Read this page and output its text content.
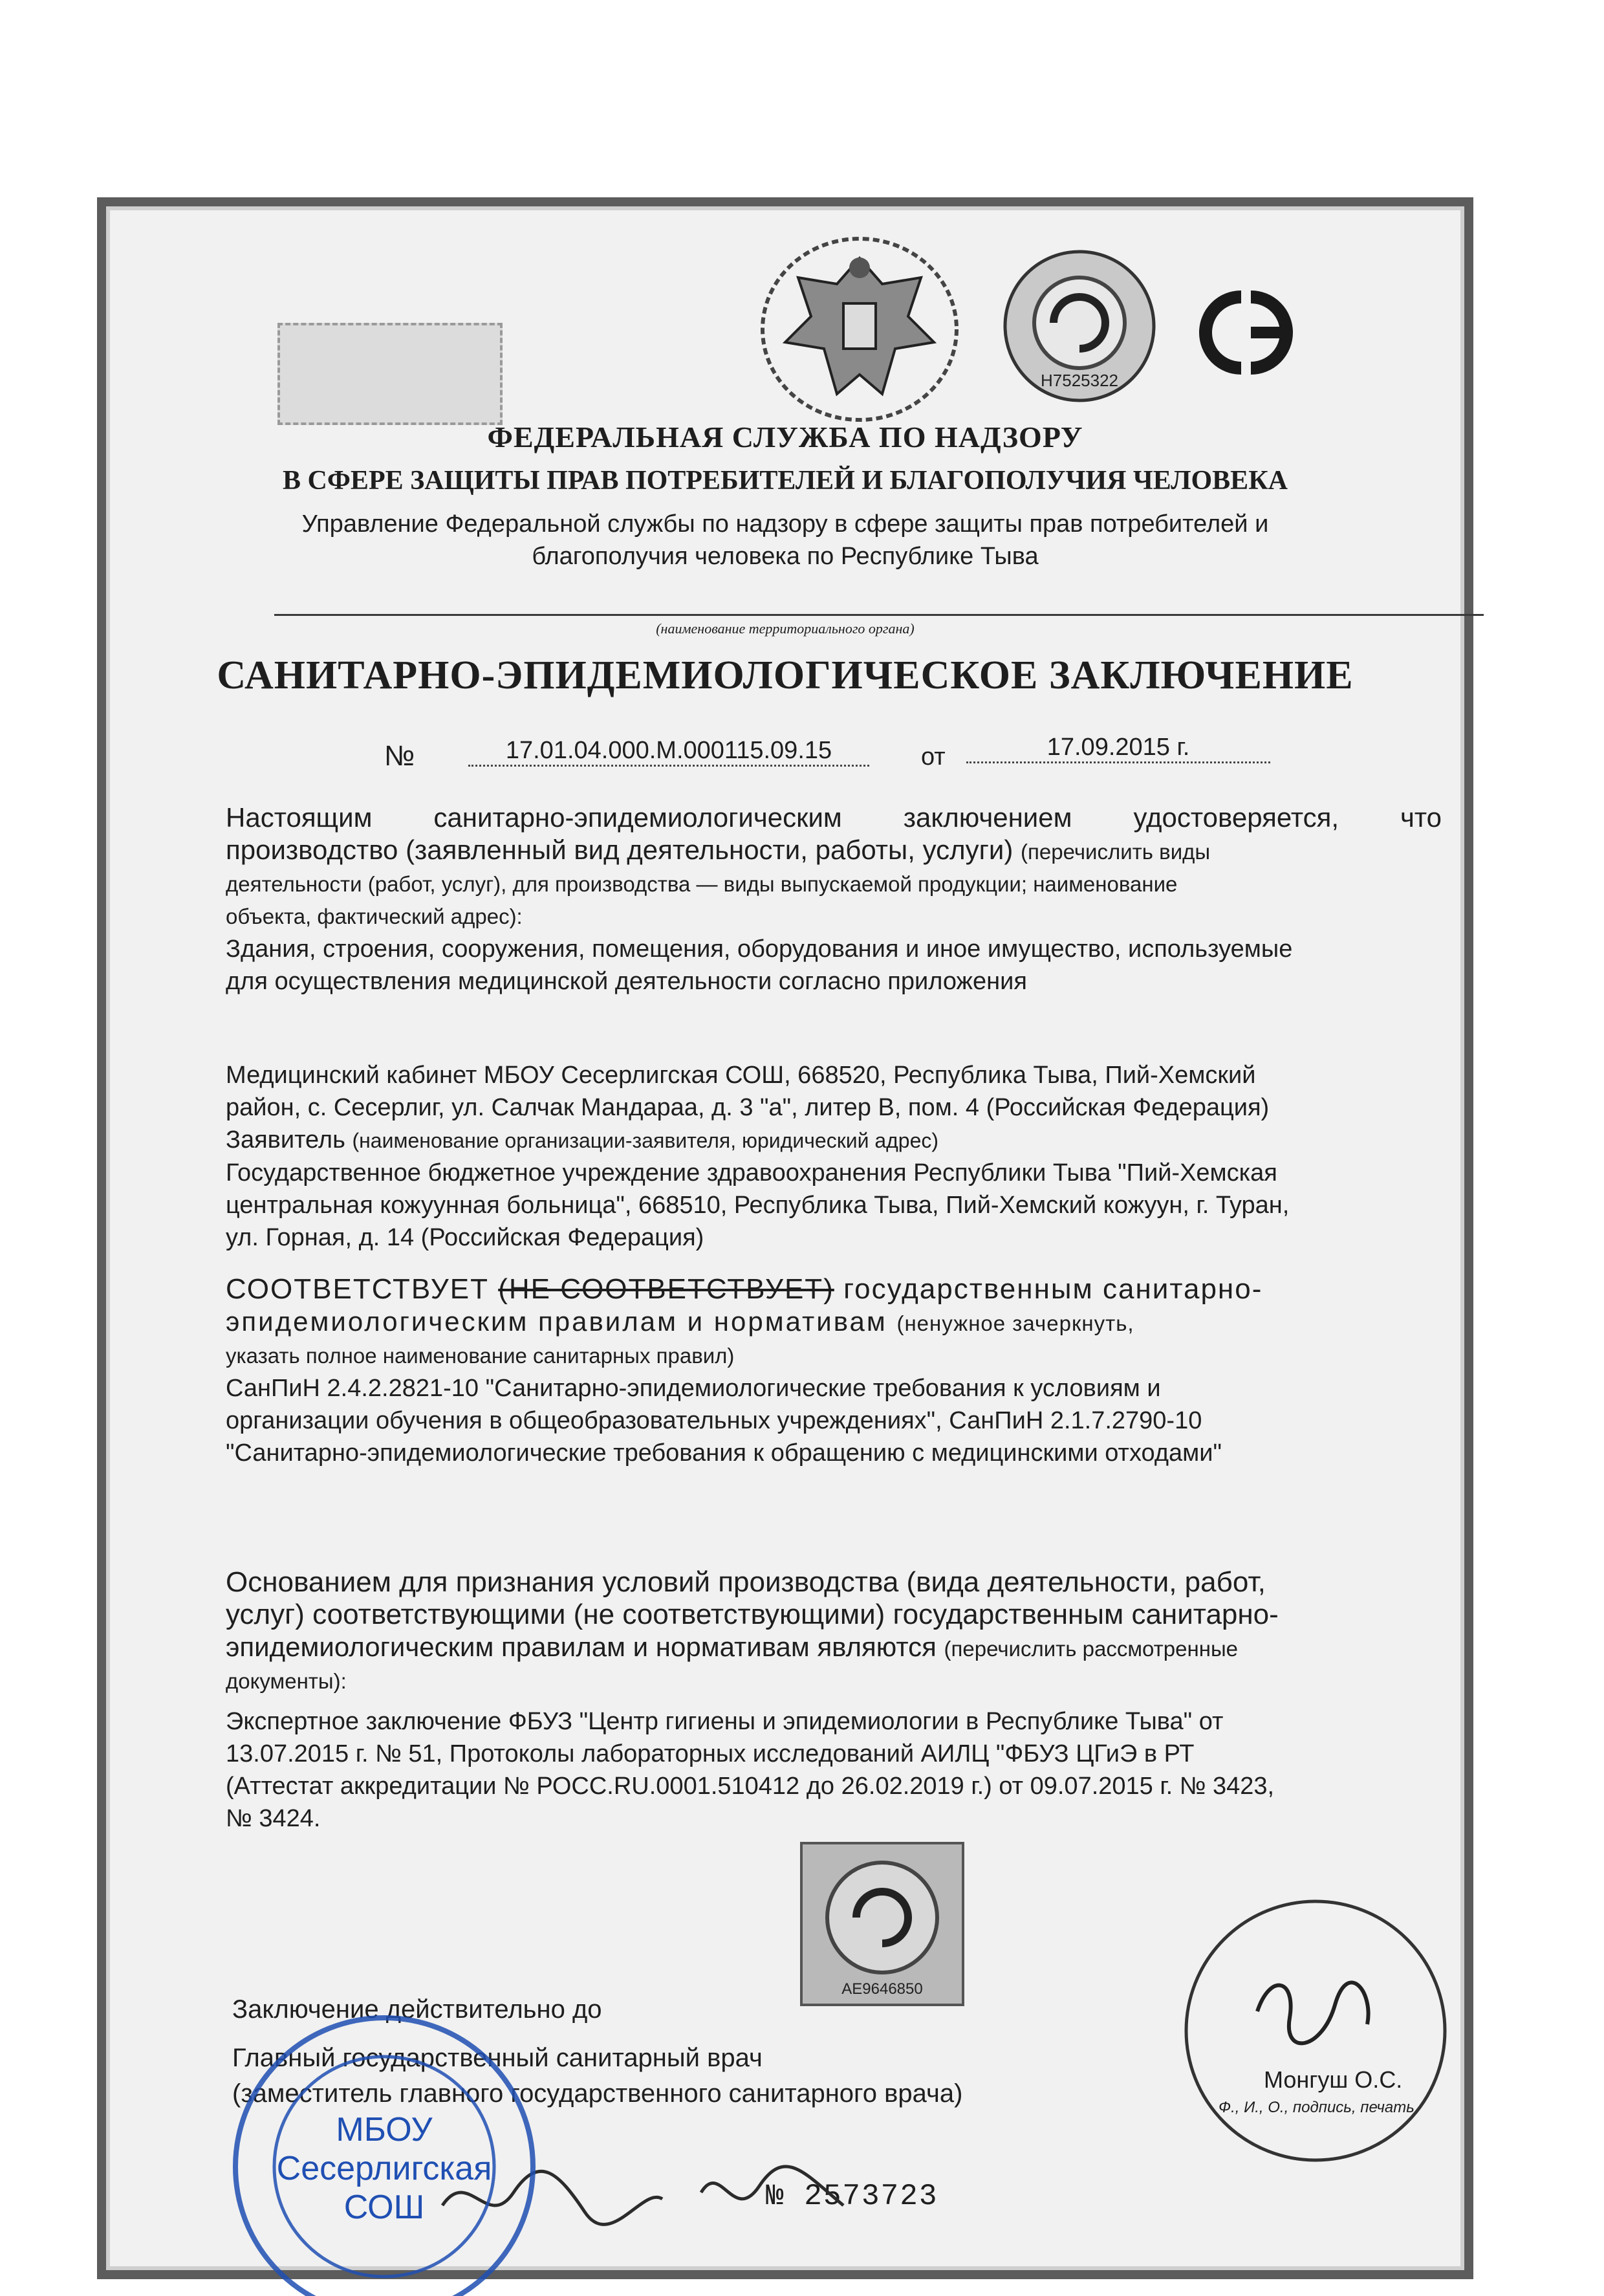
H7525322
ФЕДЕРАЛЬНАЯ СЛУЖБА ПО НАДЗОРУ
В СФЕРЕ ЗАЩИТЫ ПРАВ ПОТРЕБИТЕЛЕЙ И БЛАГОПОЛУЧИЯ ЧЕЛОВЕКА
Управление Федеральной службы по надзору в сфере защиты прав потребителей и
благополучия человека по Республике Тыва
(наименование территориального органа)
САНИТАРНО-ЭПИДЕМИОЛОГИЧЕСКОЕ ЗАКЛЮЧЕНИЕ
№	17.01.04.000.М.000115.09.15	от	17.09.2015 г.
Настоящим санитарно-эпидемиологическим заключением удостоверяется, что
производство (заявленный вид деятельности, работы, услуги) (перечислить виды
деятельности (работ, услуг), для производства — виды выпускаемой продукции; наименование
объекта, фактический адрес):
Здания, строения, сооружения, помещения, оборудования и иное имущество, используемые
для осуществления медицинской деятельности согласно приложения
Медицинский кабинет МБОУ Сесерлигская СОШ, 668520, Республика Тыва, Пий-Хемский
район, с. Сесерлиг, ул. Салчак Мандараа, д. 3 "а", литер В, пом. 4 (Российская Федерация)
Заявитель (наименование организации-заявителя, юридический адрес)
Государственное бюджетное учреждение здравоохранения Республики Тыва "Пий-Хемская
центральная кожуунная больница", 668510, Республика Тыва, Пий-Хемский кожуун, г. Туран,
ул. Горная, д. 14 (Российская Федерация)
СООТВЕТСТВУЕТ (НЕ СООТВЕТСТВУЕТ) государственным санитарно-
эпидемиологическим правилам и нормативам (ненужное зачеркнуть,
указать полное наименование санитарных правил)
СанПиН 2.4.2.2821-10 "Санитарно-эпидемиологические требования к условиям и
организации обучения в общеобразовательных учреждениях", СанПиН 2.1.7.2790-10
"Санитарно-эпидемиологические требования к обращению с медицинскими отходами"
Основанием для признания условий производства (вида деятельности, работ,
услуг) соответствующими (не соответствующими) государственным санитарно-
эпидемиологическим правилам и нормативам являются (перечислить рассмотренные
документы):
Экспертное заключение ФБУЗ "Центр гигиены и эпидемиологии в Республике Тыва" от
13.07.2015 г. № 51, Протоколы лабораторных исследований АИЛЦ "ФБУЗ ЦГиЭ в РТ
(Аттестат аккредитации № РОСС.RU.0001.510412 до 26.02.2019 г.) от 09.07.2015 г. № 3423,
№ 3424.
AE9646850
Заключение действительно до
Главный государственный санитарный врач
(заместитель главного государственного санитарного врача)	Монгуш О.С.
Ф., И., О., подпись, печать
№ 2573723
МБОУ
Сесерлигская
СОШ
